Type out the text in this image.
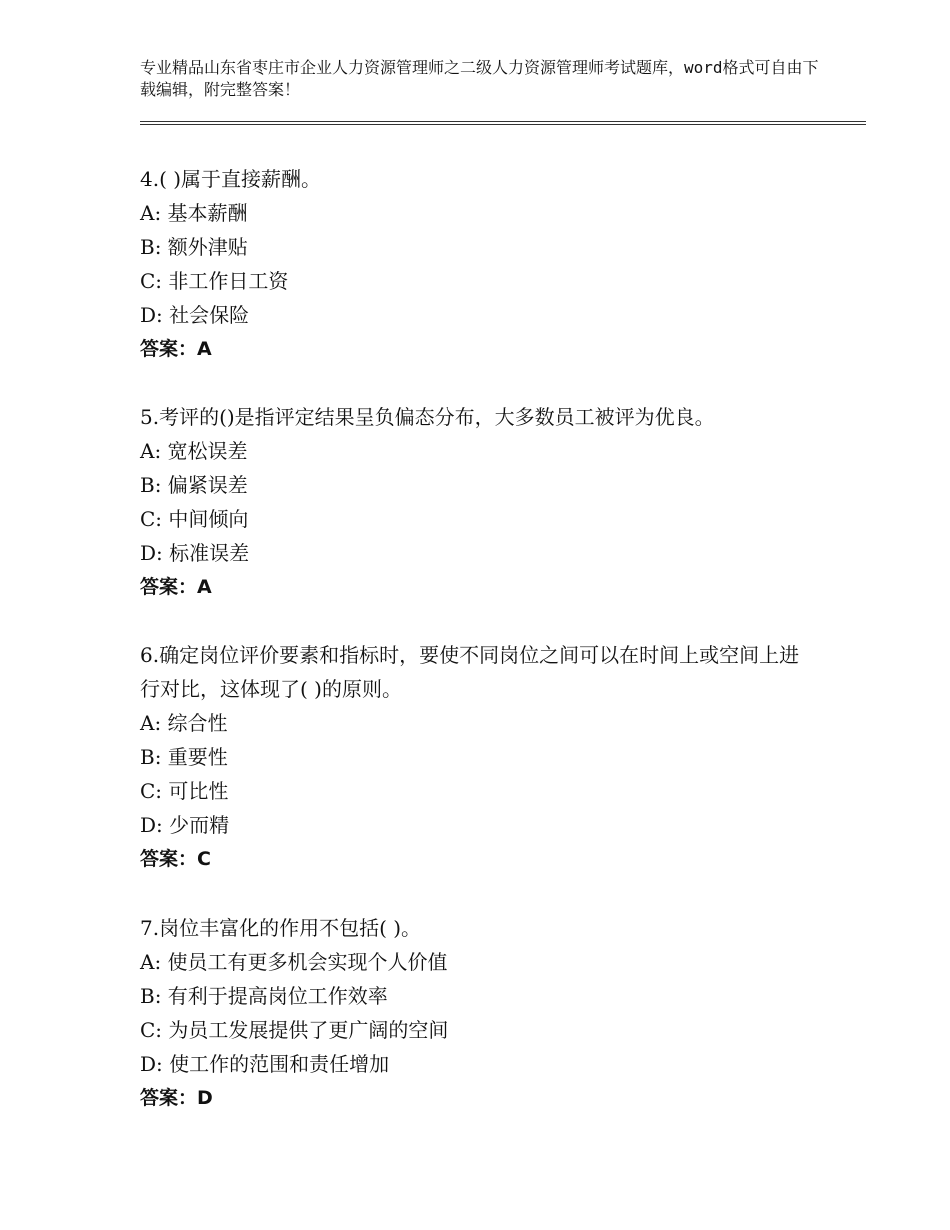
专业精品山东省枣庄市企业人力资源管理师之二级人力资源管理师考试题库，word格式可自由下载编辑，附完整答案！

4.( )属于直接薪酬。

A: 基本薪酬

B: 额外津贴

C: 非工作日工资

D: 社会保险

答案：A

5.考评的()是指评定结果呈负偏态分布，大多数员工被评为优良。

A: 宽松误差

B: 偏紧误差

C: 中间倾向

D: 标准误差

答案：A

6.确定岗位评价要素和指标时，要使不同岗位之间可以在时间上或空间上进行对比，这体现了( )的原则。

A: 综合性

B: 重要性

C: 可比性

D: 少而精

答案：C

7.岗位丰富化的作用不包括( )。

A: 使员工有更多机会实现个人价值

B: 有利于提高岗位工作效率

C: 为员工发展提供了更广阔的空间

D: 使工作的范围和责任增加

答案：D
